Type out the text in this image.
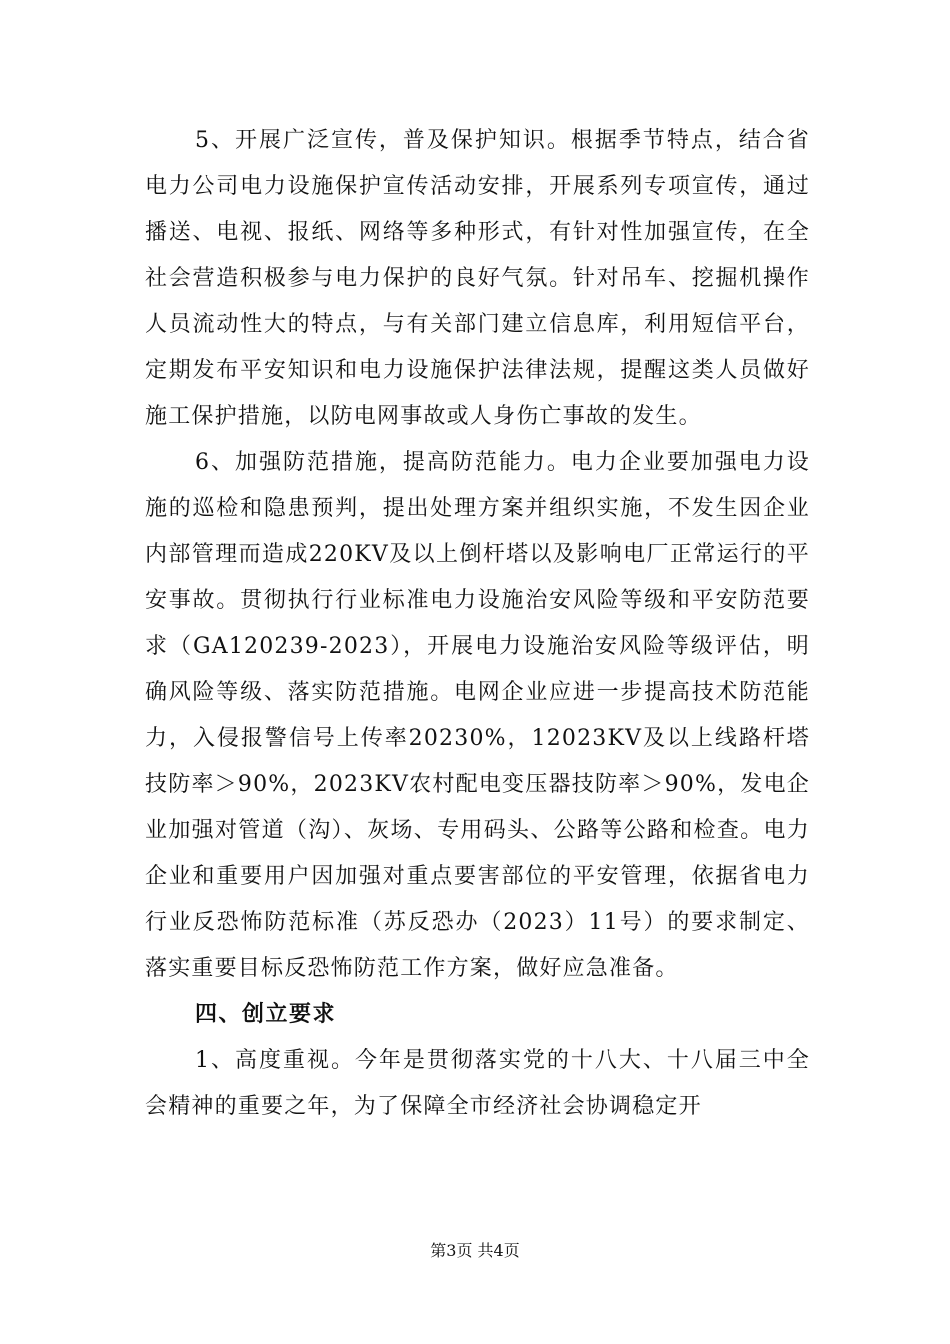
5、开展广泛宣传，普及保护知识。根据季节特点，结合省电力公司电力设施保护宣传活动安排，开展系列专项宣传，通过播送、电视、报纸、网络等多种形式，有针对性加强宣传，在全社会营造积极参与电力保护的良好气氛。针对吊车、挖掘机操作人员流动性大的特点，与有关部门建立信息库，利用短信平台，定期发布平安知识和电力设施保护法律法规，提醒这类人员做好施工保护措施，以防电网事故或人身伤亡事故的发生。

6、加强防范措施，提高防范能力。电力企业要加强电力设施的巡检和隐患预判，提出处理方案并组织实施，不发生因企业内部管理而造成220KV及以上倒杆塔以及影响电厂正常运行的平安事故。贯彻执行行业标准电力设施治安风险等级和平安防范要求（GA120239-2023），开展电力设施治安风险等级评估，明确风险等级、落实防范措施。电网企业应进一步提高技术防范能力，入侵报警信号上传率20230%，12023KV及以上线路杆塔技防率＞90%，2023KV农村配电变压器技防率＞90%，发电企业加强对管道（沟）、灰场、专用码头、公路等公路和检查。电力企业和重要用户因加强对重点要害部位的平安管理，依据省电力行业反恐怖防范标准（苏反恐办（2023）11号）的要求制定、落实重要目标反恐怖防范工作方案，做好应急准备。

四、创立要求

1、高度重视。今年是贯彻落实党的十八大、十八届三中全会精神的重要之年，为了保障全市经济社会协调稳定开

第3页 共4页
